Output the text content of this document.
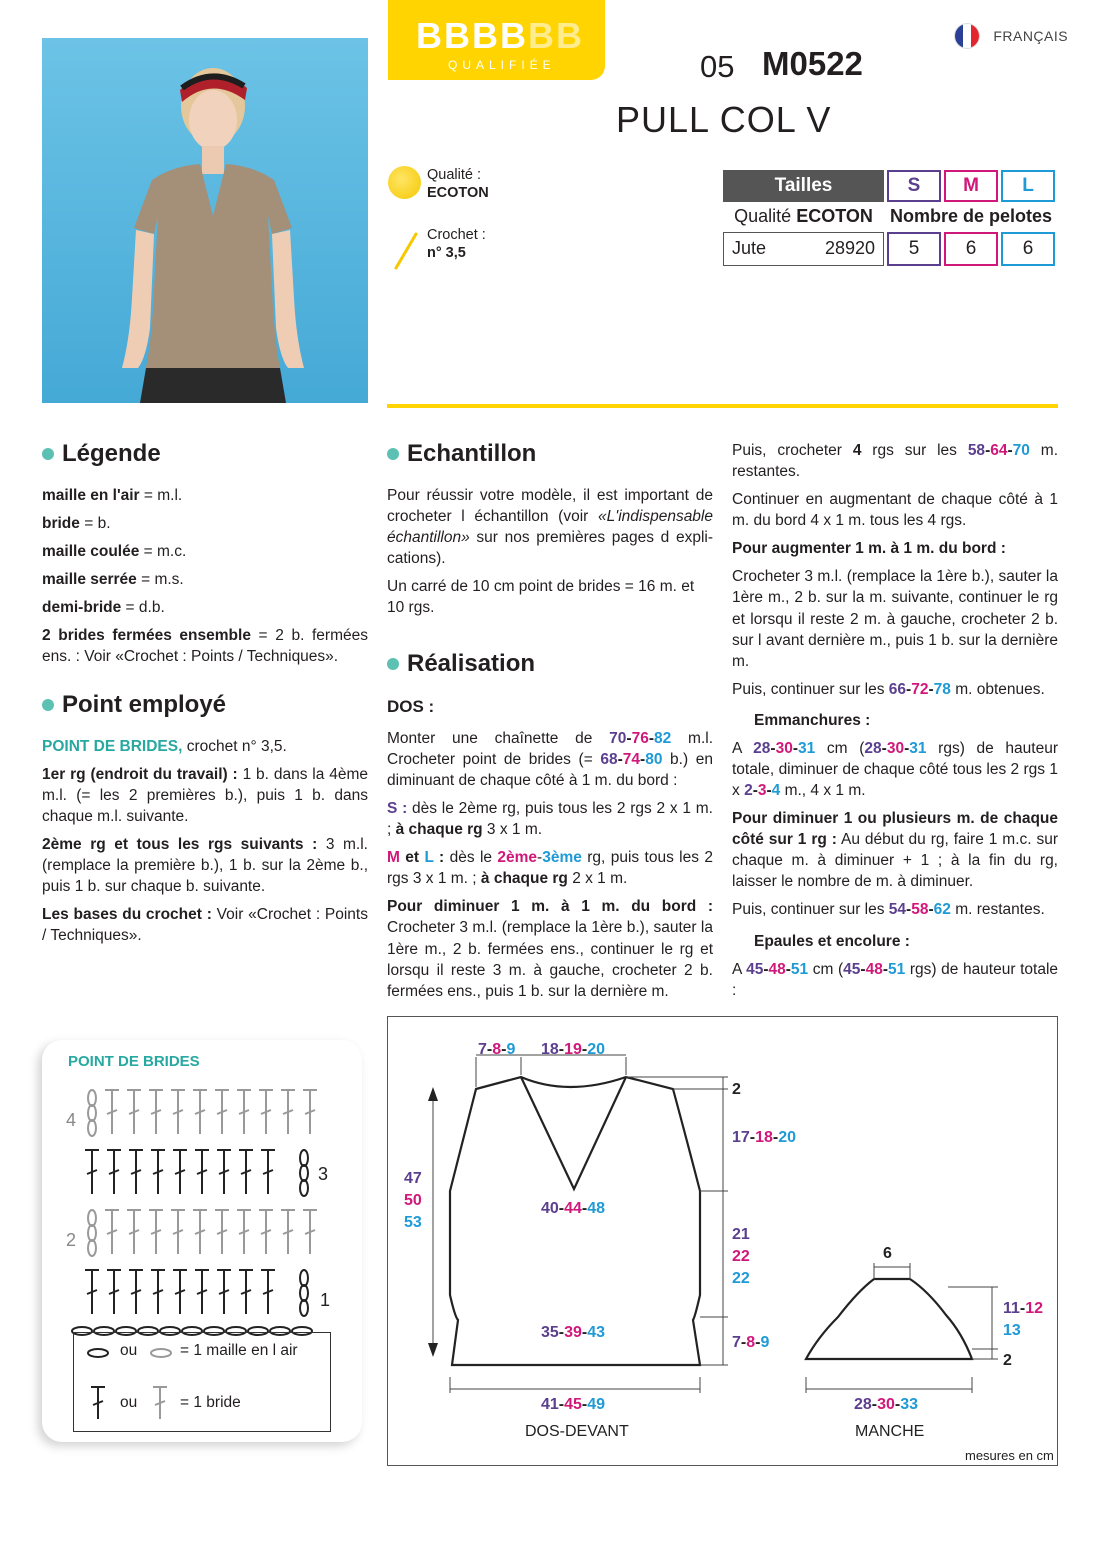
BBBBBB
QUALIFIÉE
FRANÇAIS
05 M0522
PULL COL V
Qualité :
ECOTON
Crochet :
n° 3,5
Tailles	S	M	L
Qualité ECOTON	Nombre de pelotes		
Jute 28920	5	6	6
Légende

maille en l'air = m.l.

bride = b.

maille coulée = m.c.

maille serrée = m.s.

demi-bride = d.b.

2 brides fermées ensemble = 2 b. fermées ens. : Voir «Crochet : Points / Techniques».

Point employé

POINT DE BRIDES, crochet n° 3,5.

1er rg (endroit du travail) : 1 b. dans la 4ème m.l. (= les 2 premières b.), puis 1 b. dans chaque m.l. suivante.

2ème rg et tous les rgs suivants : 3 m.l. (remplace la première b.), 1 b. sur la 2ème b., puis 1 b. sur chaque b. suivante.

Les bases du crochet : Voir «Crochet : Points / Techniques».

Echantillon

Pour réussir votre modèle, il est important de crocheter l échantillon (voir «L'indispensable échantillon» sur nos premières pages d expli-cations).

Un carré de 10 cm point de brides = 16 m. et 10 rgs.

Réalisation

DOS :

Monter une chaînette de 70-76-82 m.l. Crocheter point de brides (= 68-74-80 b.) en diminuant de chaque côté à 1 m. du bord :

S : dès le 2ème rg, puis tous les 2 rgs 2 x 1 m. ; à chaque rg 3 x 1 m.

M et L : dès le 2ème-3ème rg, puis tous les 2 rgs 3 x 1 m. ; à chaque rg 2 x 1 m.

Pour diminuer 1 m. à 1 m. du bord : Crocheter 3 m.l. (remplace la 1ère b.), sauter la 1ère m., 2 b. fermées ens., continuer le rg et lorsqu il reste 3 m. à gauche, crocheter 2 b. fermées ens., puis 1 b. sur la dernière m.

Puis, crocheter 4 rgs sur les 58-64-70 m. restantes.

Continuer en augmentant de chaque côté à 1 m. du bord 4 x 1 m. tous les 4 rgs.

Pour augmenter 1 m. à 1 m. du bord :

Crocheter 3 m.l. (remplace la 1ère b.), sauter la 1ère m., 2 b. sur la m. suivante, continuer le rg et lorsqu il reste 2 m. à gauche, crocheter 2 b. sur l avant dernière m., puis 1 b. sur la dernière m.

Puis, continuer sur les 66-72-78 m. obtenues.

Emmanchures :

A 28-30-31 cm (28-30-31 rgs) de hauteur totale, diminuer de chaque côté tous les 2 rgs 1 x 2-3-4 m., 4 x 1 m.

Pour diminuer 1 ou plusieurs m. de chaque côté sur 1 rg : Au début du rg, faire 1 m.c. sur chaque m. à diminuer + 1 ; à la fin du rg, laisser le nombre de m. à diminuer.

Puis, continuer sur les 54-58-62 m. restantes.

Epaules et encolure :

A 45-48-51 cm (45-48-51 rgs) de hauteur totale :

POINT DE BRIDES
4
3
2
1
ou	= 1 maille en l air
ou	= 1 bride
7-8-9 18-19-20
2
17-18-20
47
50
53
40-44-48
21
22
22
35-39-43
7-8-9
41-45-49
6
11-12
13
2
28-30-33
DOS-DEVANT	MANCHE
mesures en cm
